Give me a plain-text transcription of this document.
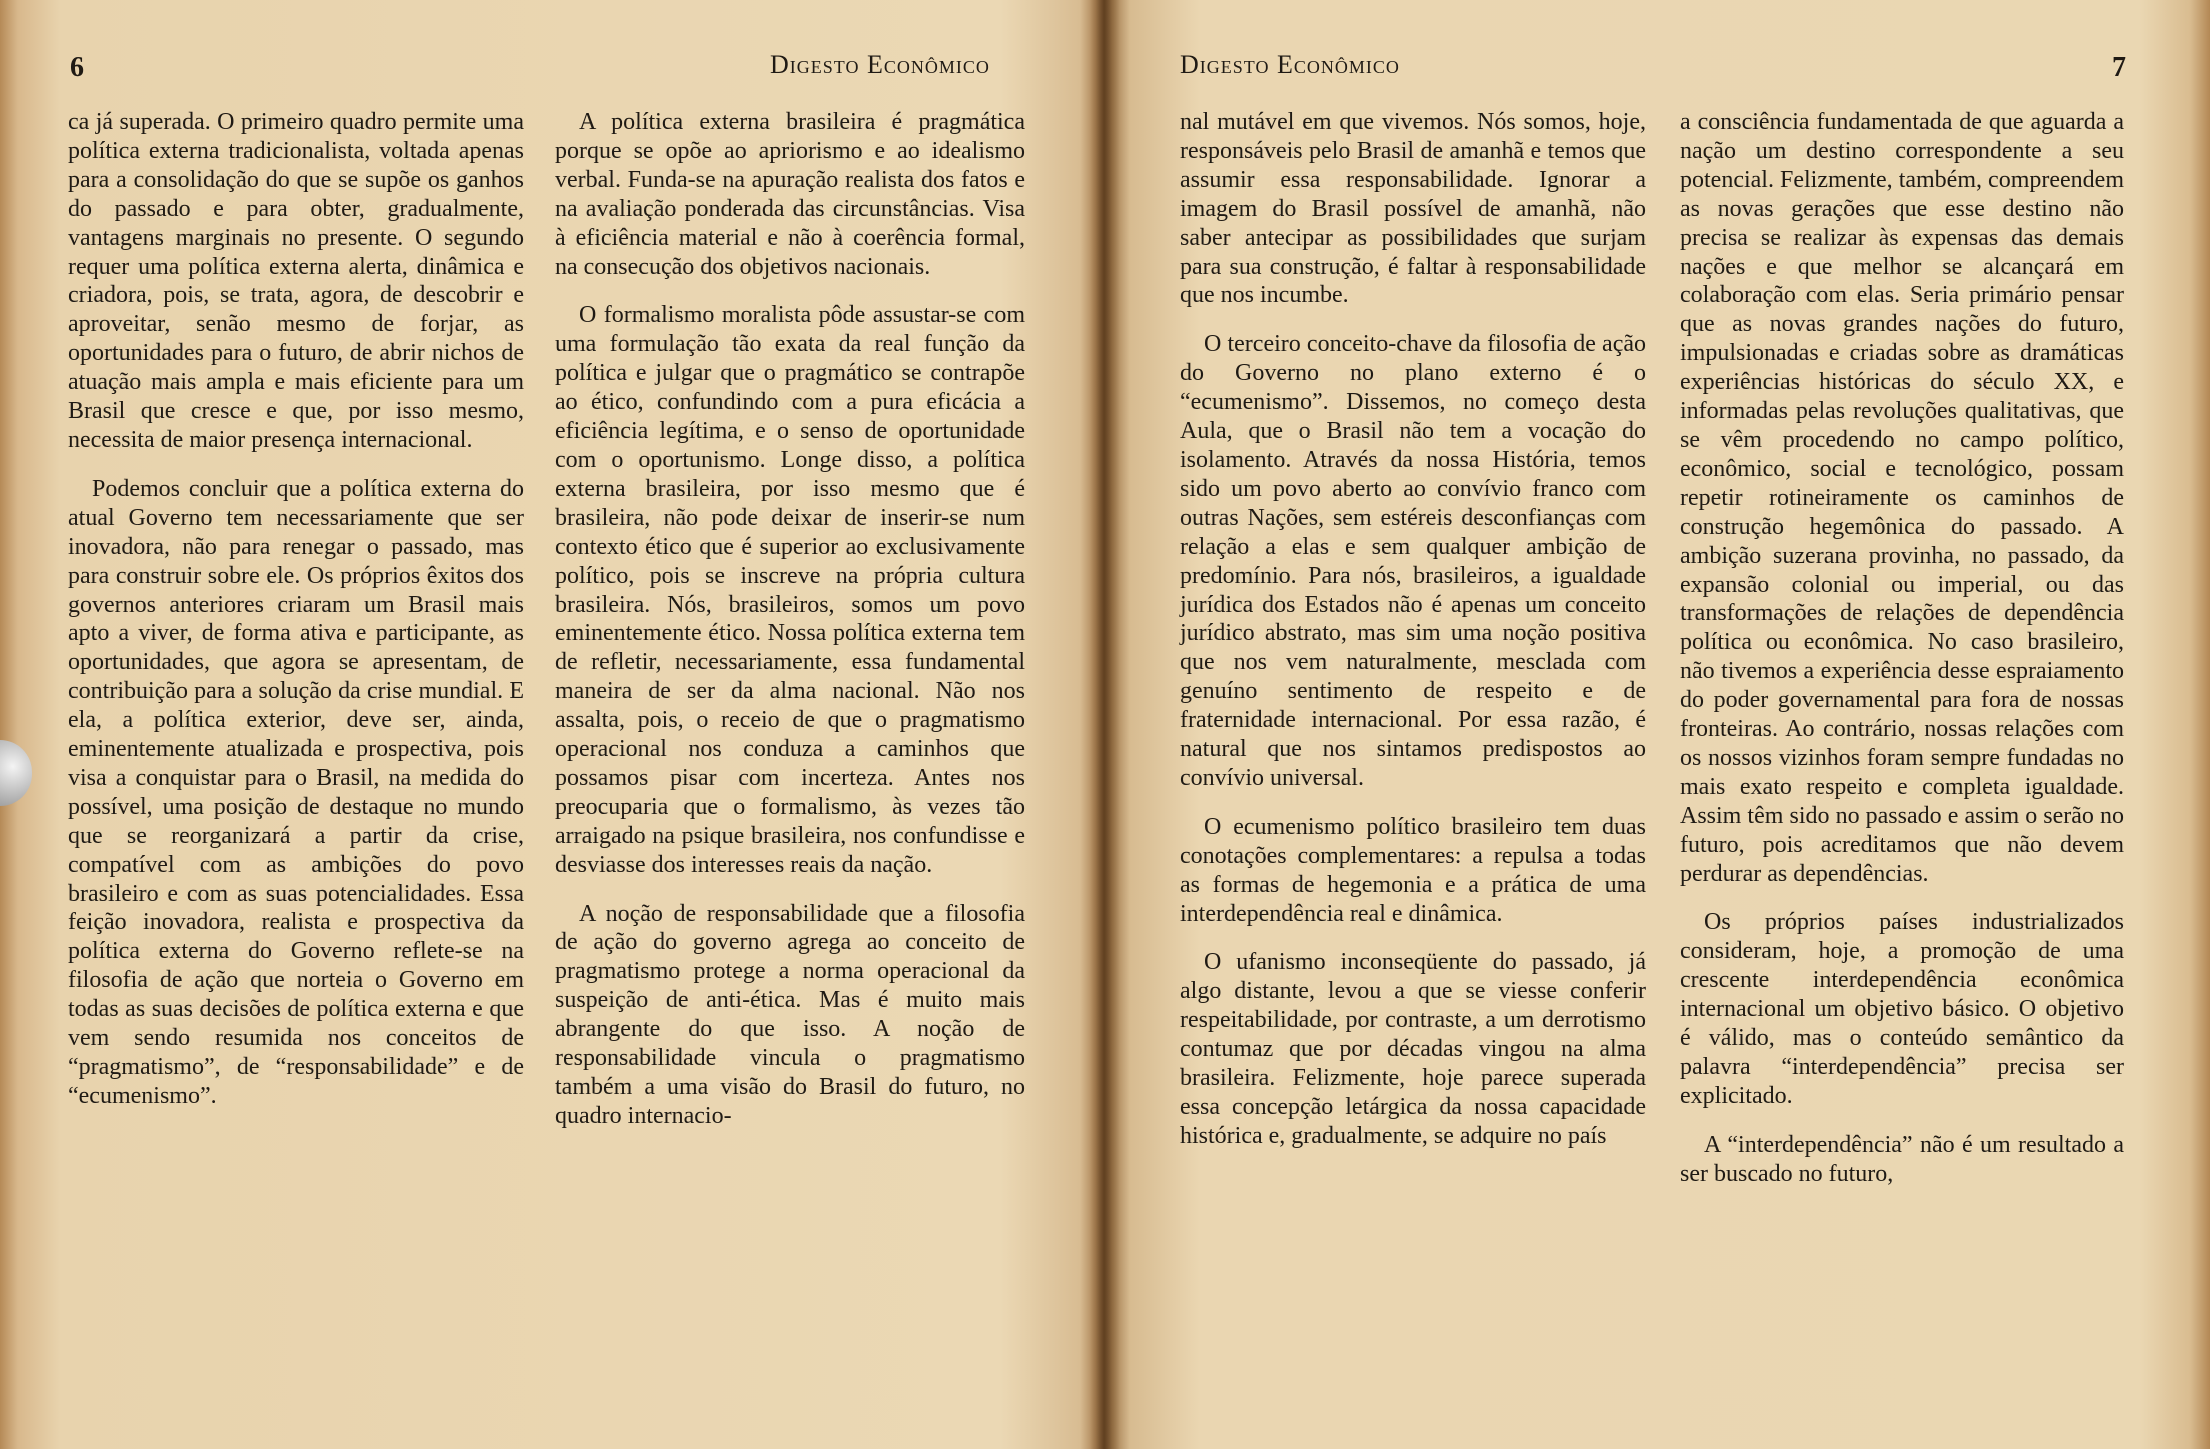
6	Digesto Econômico

ca já superada. O primeiro quadro permite uma política externa tradicionalista, voltada apenas para a consolidação do que se supõe os ganhos do passado e para obter, gradualmente, vantagens marginais no presente. O segundo requer uma política externa alerta, dinâmica e criadora, pois, se trata, agora, de descobrir e aproveitar, senão mesmo de forjar, as oportunidades para o futuro, de abrir nichos de atuação mais ampla e mais eficiente para um Brasil que cresce e que, por isso mesmo, necessita de maior presença internacional.

Podemos concluir que a política externa do atual Governo tem necessariamente que ser inovadora, não para renegar o passado, mas para construir sobre ele. Os próprios êxitos dos governos anteriores criaram um Brasil mais apto a viver, de forma ativa e participante, as oportunidades, que agora se apresentam, de contribuição para a solução da crise mundial. E ela, a política exterior, deve ser, ainda, eminentemente atualizada e prospectiva, pois visa a conquistar para o Brasil, na medida do possível, uma posição de destaque no mundo que se reorganizará a partir da crise, compatível com as ambições do povo brasileiro e com as suas potencialidades. Essa feição inovadora, realista e prospectiva da política externa do Governo reflete-se na filosofia de ação que norteia o Governo em todas as suas decisões de política externa e que vem sendo resumida nos conceitos de “pragmatismo”, de “responsabilidade” e de “ecumenismo”.

A política externa brasileira é pragmática porque se opõe ao apriorismo e ao idealismo verbal. Funda-se na apuração realista dos fatos e na avaliação ponderada das circunstâncias. Visa à eficiência material e não à coerência formal, na consecução dos objetivos nacionais.

O formalismo moralista pôde assustar-se com uma formulação tão exata da real função da política e julgar que o pragmático se contrapõe ao ético, confundindo com a pura eficácia a eficiência legítima, e o senso de oportunidade com o oportunismo. Longe disso, a política externa brasileira, por isso mesmo que é brasileira, não pode deixar de inserir-se num contexto ético que é superior ao exclusivamente político, pois se inscreve na própria cultura brasileira. Nós, brasileiros, somos um povo eminentemente ético. Nossa política externa tem de refletir, necessariamente, essa fundamental maneira de ser da alma nacional. Não nos assalta, pois, o receio de que o pragmatismo operacional nos conduza a caminhos que possamos pisar com incerteza. Antes nos preocuparia que o formalismo, às vezes tão arraigado na psique brasileira, nos confundisse e desviasse dos interesses reais da nação.

A noção de responsabilidade que a filosofia de ação do governo agrega ao conceito de pragmatismo protege a norma operacional da suspeição de anti-ética. Mas é muito mais abrangente do que isso. A noção de responsabilidade vincula o pragmatismo também a uma visão do Brasil do futuro, no quadro internacio-

Digesto Econômico	7

nal mutável em que vivemos. Nós somos, hoje, responsáveis pelo Brasil de amanhã e temos que assumir essa responsabilidade. Ignorar a imagem do Brasil possível de amanhã, não saber antecipar as possibilidades que surjam para sua construção, é faltar à responsabilidade que nos incumbe.

O terceiro conceito-chave da filosofia de ação do Governo no plano externo é o “ecumenismo”. Dissemos, no começo desta Aula, que o Brasil não tem a vocação do isolamento. Através da nossa História, temos sido um povo aberto ao convívio franco com outras Nações, sem estéreis desconfianças com relação a elas e sem qualquer ambição de predomínio. Para nós, brasileiros, a igualdade jurídica dos Estados não é apenas um conceito jurídico abstrato, mas sim uma noção positiva que nos vem naturalmente, mesclada com genuíno sentimento de respeito e de fraternidade internacional. Por essa razão, é natural que nos sintamos predispostos ao convívio universal.

O ecumenismo político brasileiro tem duas conotações complementares: a repulsa a todas as formas de hegemonia e a prática de uma interdependência real e dinâmica.

O ufanismo inconseqüente do passado, já algo distante, levou a que se viesse conferir respeitabilidade, por contraste, a um derrotismo contumaz que por décadas vingou na alma brasileira. Felizmente, hoje parece superada essa concepção letárgica da nossa capacidade histórica e, gradualmente, se adquire no país

a consciência fundamentada de que aguarda a nação um destino correspondente a seu potencial. Felizmente, também, compreendem as novas gerações que esse destino não precisa se realizar às expensas das demais nações e que melhor se alcançará em colaboração com elas. Seria primário pensar que as novas grandes nações do futuro, impulsionadas e criadas sobre as dramáticas experiências históricas do século XX, e informadas pelas revoluções qualitativas, que se vêm procedendo no campo político, econômico, social e tecnológico, possam repetir rotineiramente os caminhos de construção hegemônica do passado. A ambição suzerana provinha, no passado, da expansão colonial ou imperial, ou das transformações de relações de dependência política ou econômica. No caso brasileiro, não tivemos a experiência desse espraiamento do poder governamental para fora de nossas fronteiras. Ao contrário, nossas relações com os nossos vizinhos foram sempre fundadas no mais exato respeito e completa igualdade. Assim têm sido no passado e assim o serão no futuro, pois acreditamos que não devem perdurar as dependências.

Os próprios países industrializados consideram, hoje, a promoção de uma crescente interdependência econômica internacional um objetivo básico. O objetivo é válido, mas o conteúdo semântico da palavra “interdependência” precisa ser explicitado.

A “interdependência” não é um resultado a ser buscado no futuro,
